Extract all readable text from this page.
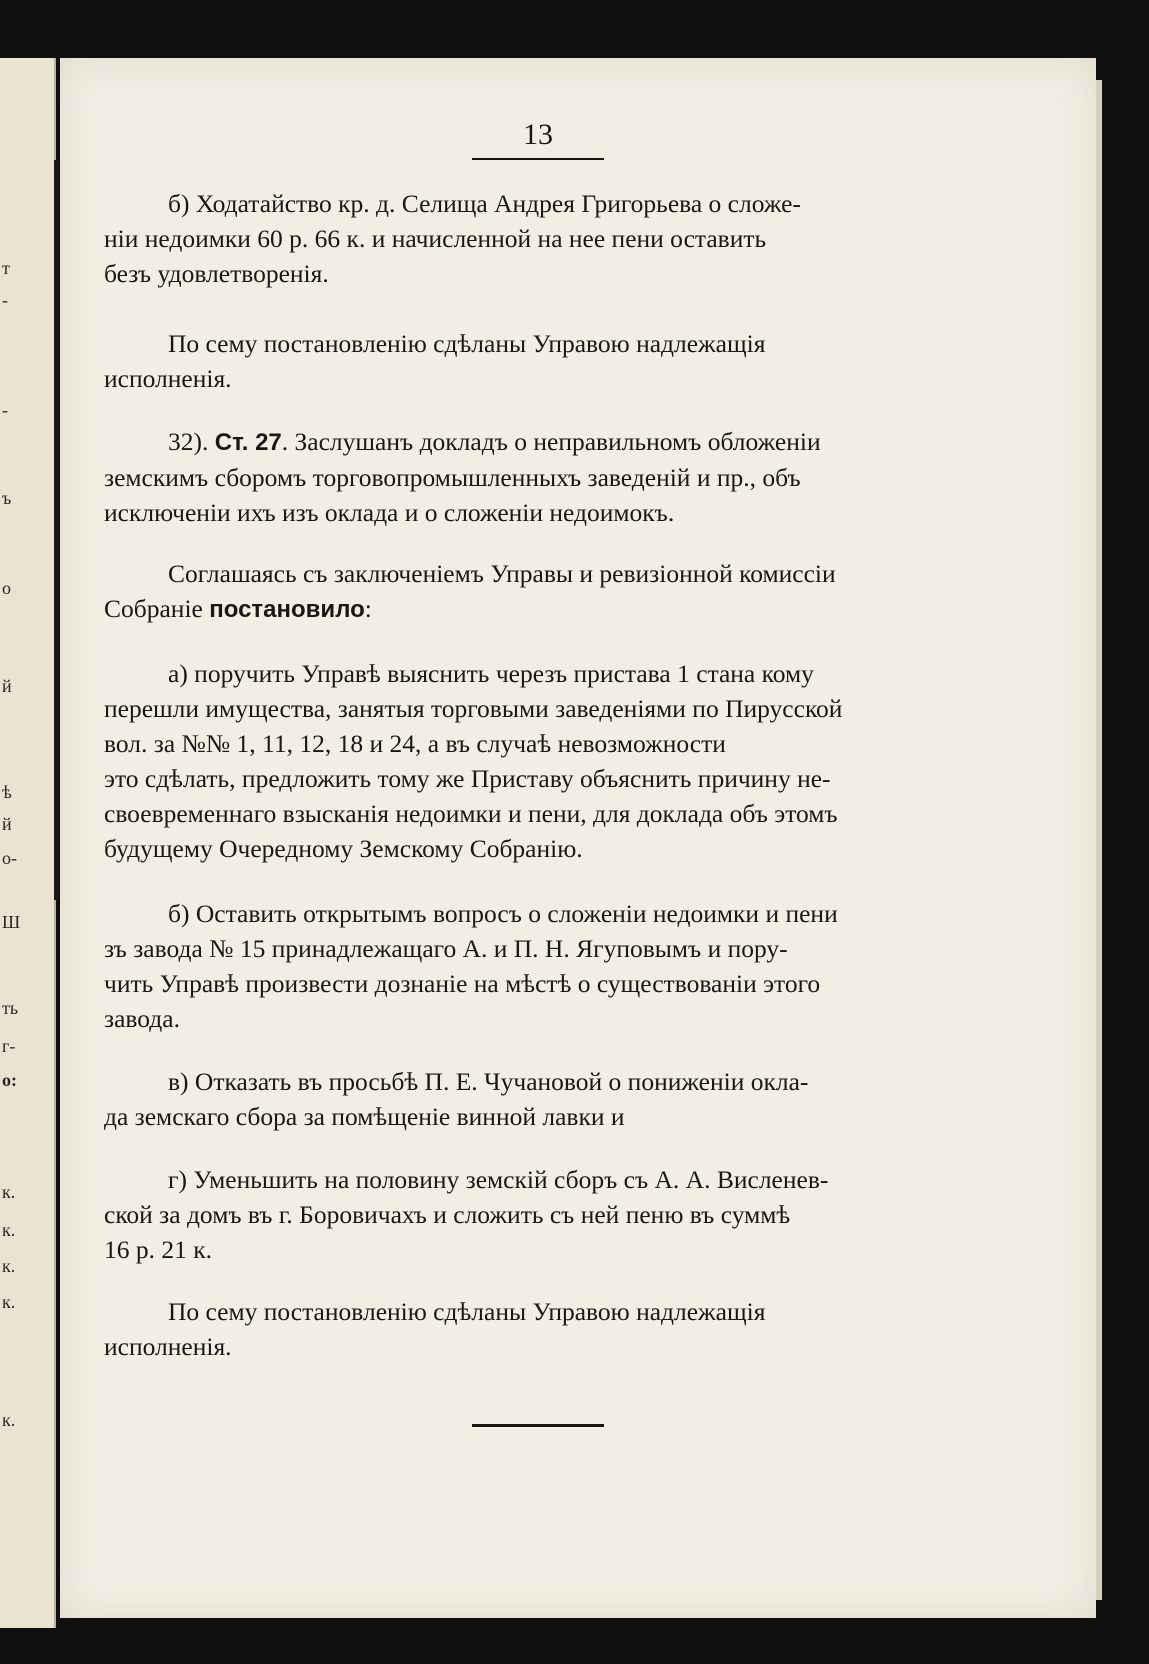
т
-
-
ъ
о
й
ѣ
й
о-
Ш
ть
г-
о:
к.
к.
к.
к.
к.
13
б) Ходатайство кр. д. Селища Андрея Григорьева о сложе-
нiи недоимки 60 р. 66 к. и начисленной на нее пени оставить
безъ удовлетворенiя.
По сему постановленiю сдѣланы Управою надлежащiя
исполненiя.
32). Ст. 27. Заслушанъ докладъ о неправильномъ обложенiи
земскимъ сборомъ торговопромышленныхъ заведенiй и пр., объ
исключенiи ихъ изъ оклада и о сложенiи недоимокъ.
Соглашаясь съ заключенiемъ Управы и ревизiонной комиссiи
Собранiе постановило:
а) поручить Управѣ выяснить черезъ пристава 1 стана кому
перешли имущества, занятыя торговыми заведенiями по Пирусской
вол. за №№ 1, 11, 12, 18 и 24, а въ случаѣ невозможности
это сдѣлать, предложить тому же Приставу объяснить причину не-
своевременнаго взысканiя недоимки и пени, для доклада объ этомъ
будущему Очередному Земскому Собранiю.
б) Оставить открытымъ вопросъ о сложенiи недоимки и пени
зъ завода № 15 принадлежащаго А. и П. Н. Ягуповымъ и пору-
чить Управѣ произвести дознанiе на мѣстѣ о существованiи этого
завода.
в) Отказать въ просьбѣ П. Е. Чучановой о пониженiи окла-
да земскаго сбора за помѣщенiе винной лавки и
г) Уменьшить на половину земскiй сборъ съ А. А. Висленев-
ской за домъ въ г. Боровичахъ и сложить съ ней пеню въ суммѣ
16 р. 21 к.
По сему постановленiю сдѣланы Управою надлежащiя
исполненiя.
